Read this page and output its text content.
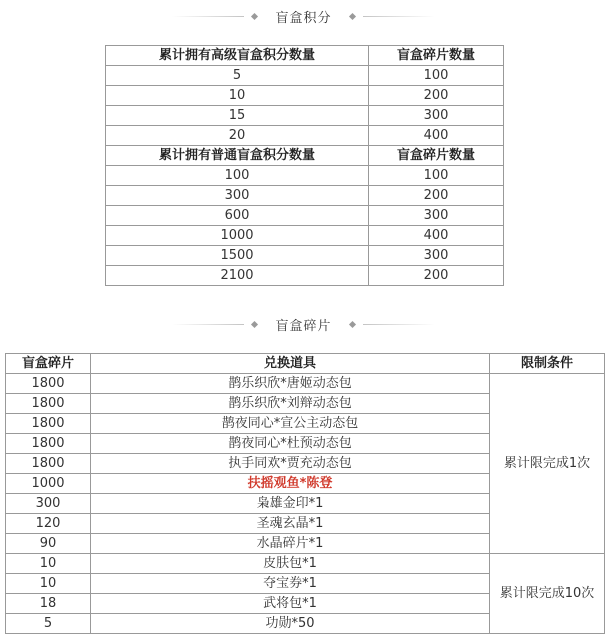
盲盒积分
累计拥有高级盲盒积分数量	盲盒碎片数量
5	100
10	200
15	300
20	400
累计拥有普通盲盒积分数量	盲盒碎片数量
100	100
300	200
600	300
1000	400
1500	300
2100	200
盲盒碎片
盲盒碎片	兑换道具	限制条件
1800	鹊乐织欣*唐姬动态包	累计限完成1次
1800	鹊乐织欣*刘辩动态包	
1800	鹊夜同心*宣公主动态包	
1800	鹊夜同心*杜预动态包	
1800	执手同欢*贾充动态包	
1000	扶摇观鱼*陈登	
300	枭雄金印*1	
120	圣魂玄晶*1	
90	水晶碎片*1	
10	皮肤包*1	累计限完成10次
10	夺宝券*1	
18	武将包*1	
5	功勋*50	
